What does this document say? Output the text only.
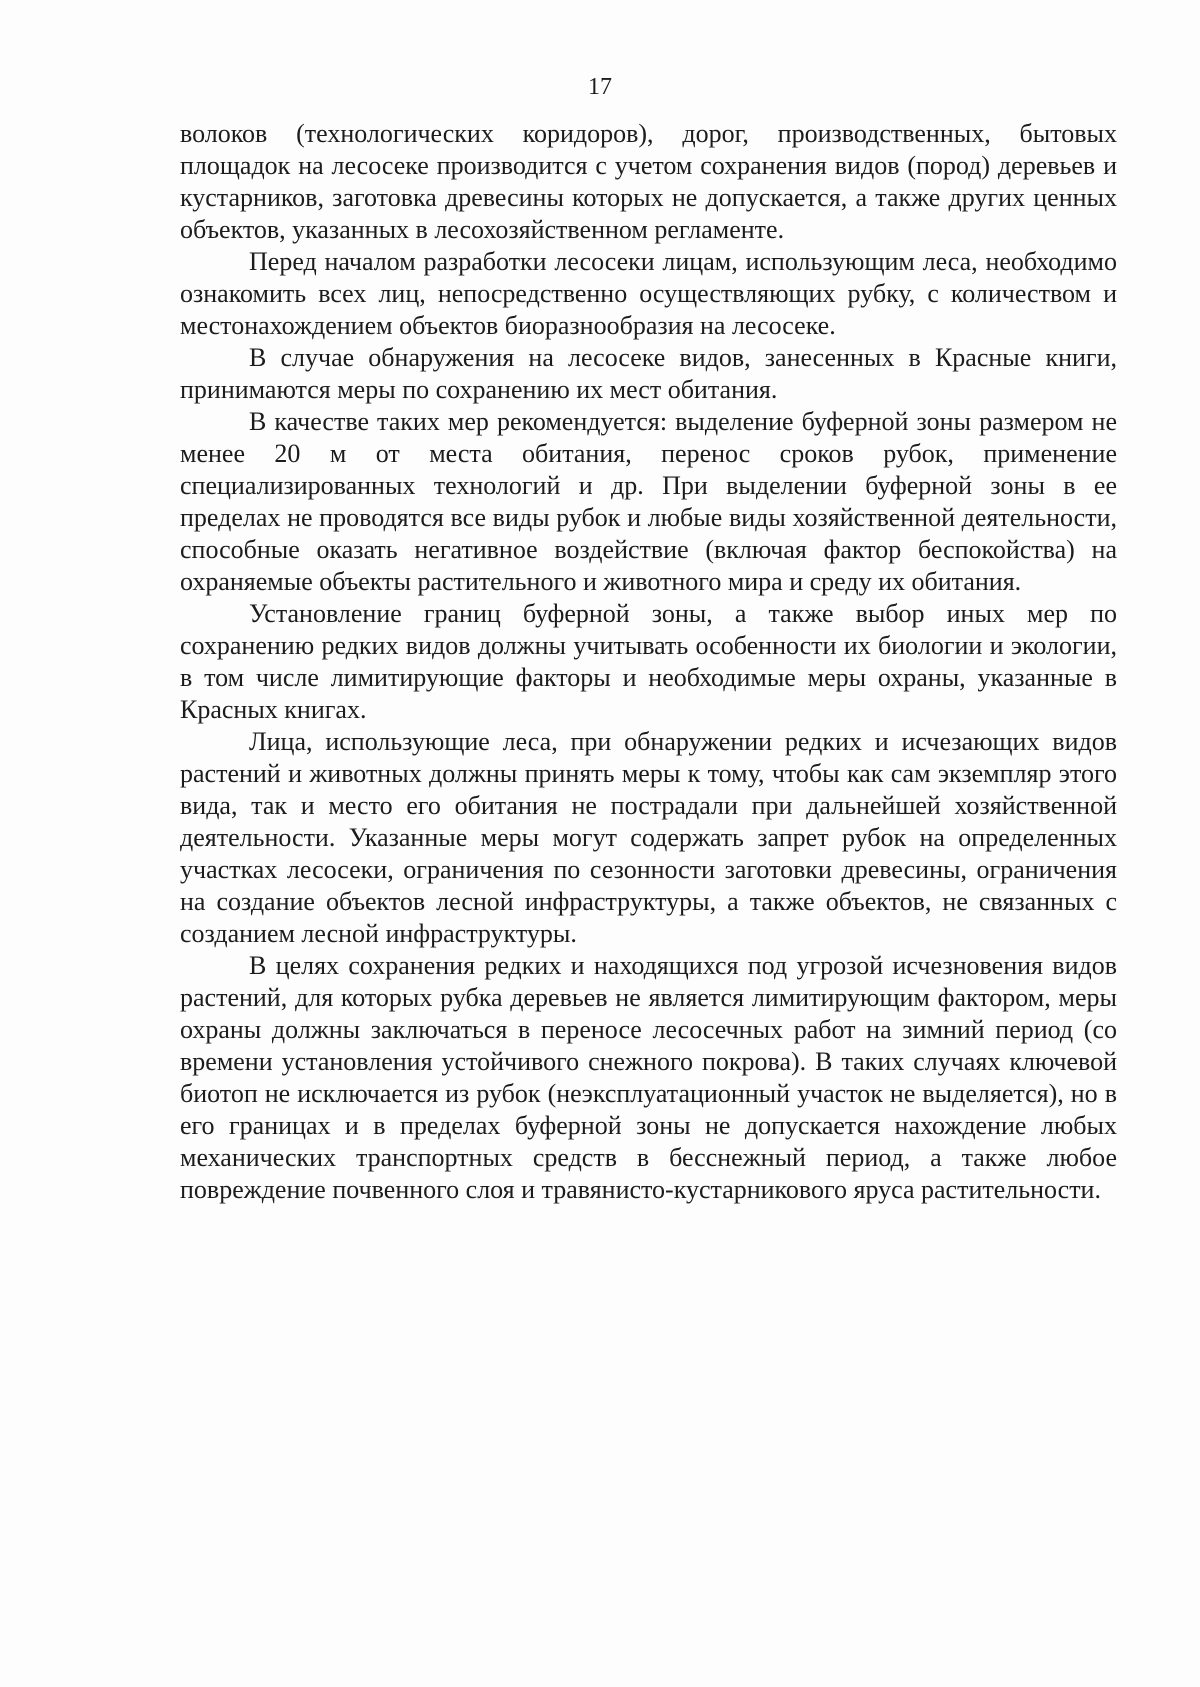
17

волоков (технологических коридоров), дорог, производственных, бытовых площадок на лесосеке производится с учетом сохранения видов (пород) деревьев и кустарников, заготовка древесины которых не допускается, а также других ценных объектов, указанных в лесохозяйственном регламенте.

Перед началом разработки лесосеки лицам, использующим леса, необходимо ознакомить всех лиц, непосредственно осуществляющих рубку, с количеством и местонахождением объектов биоразнообразия на лесосеке.

В случае обнаружения на лесосеке видов, занесенных в Красные книги, принимаются меры по сохранению их мест обитания.

В качестве таких мер рекомендуется: выделение буферной зоны размером не менее 20 м от места обитания, перенос сроков рубок, применение специализированных технологий и др. При выделении буферной зоны в ее пределах не проводятся все виды рубок и любые виды хозяйственной деятельности, способные оказать негативное воздействие (включая фактор беспокойства) на охраняемые объекты растительного и животного мира и среду их обитания.

Установление границ буферной зоны, а также выбор иных мер по сохранению редких видов должны учитывать особенности их биологии и экологии, в том числе лимитирующие факторы и необходимые меры охраны, указанные в Красных книгах.

Лица, использующие леса, при обнаружении редких и исчезающих видов растений и животных должны принять меры к тому, чтобы как сам экземпляр этого вида, так и место его обитания не пострадали при дальнейшей хозяйственной деятельности. Указанные меры могут содержать запрет рубок на определенных участках лесосеки, ограничения по сезонности заготовки древесины, ограничения на создание объектов лесной инфраструктуры, а также объектов, не связанных с созданием лесной инфраструктуры.

В целях сохранения редких и находящихся под угрозой исчезновения видов растений, для которых рубка деревьев не является лимитирующим фактором, меры охраны должны заключаться в переносе лесосечных работ на зимний период (со времени установления устойчивого снежного покрова). В таких случаях ключевой биотоп не исключается из рубок (неэксплуатационный участок не выделяется), но в его границах и в пределах буферной зоны не допускается нахождение любых механических транспортных средств в бесснежный период, а также любое повреждение почвенного слоя и травянисто-кустарникового яруса растительности.
